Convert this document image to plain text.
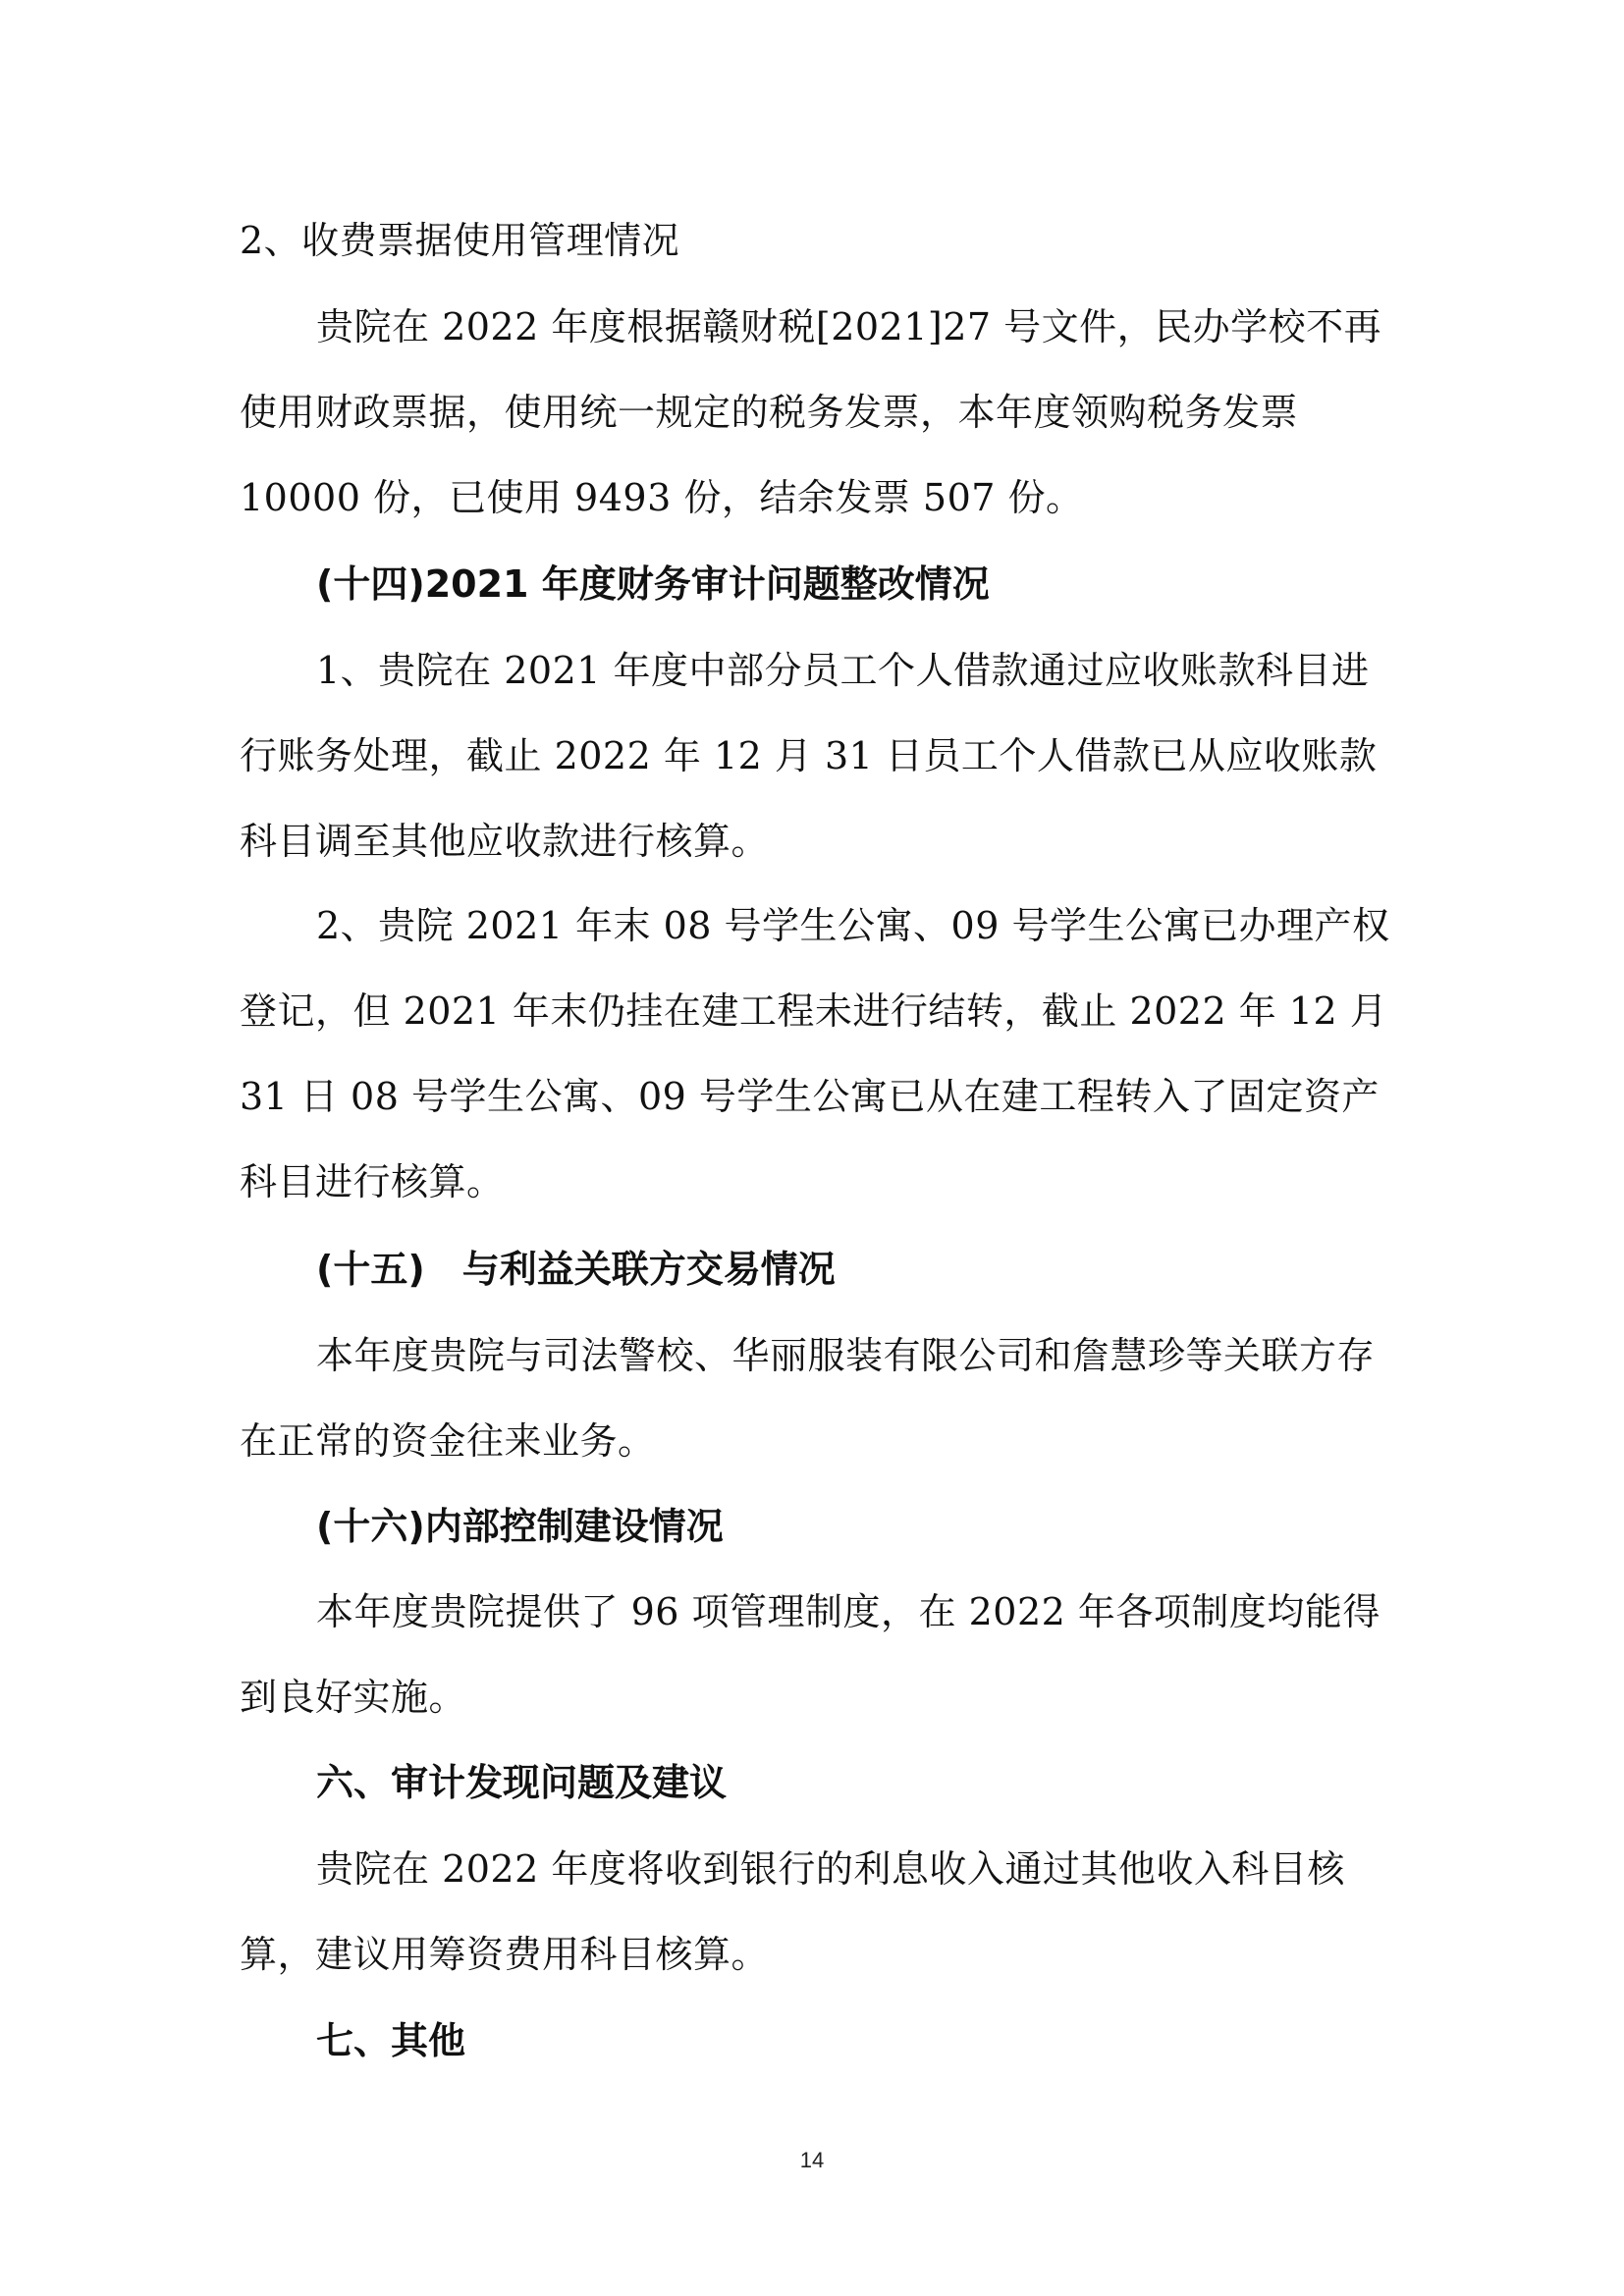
2、收费票据使用管理情况

贵院在 2022 年度根据赣财税[2021]27 号文件，民办学校不再使用财政票据，使用统一规定的税务发票，本年度领购税务发票 10000 份，已使用 9493 份，结余发票 507 份。

(十四)2021 年度财务审计问题整改情况

1、贵院在 2021 年度中部分员工个人借款通过应收账款科目进行账务处理，截止 2022 年 12 月 31 日员工个人借款已从应收账款科目调至其他应收款进行核算。

2、贵院 2021 年末 08 号学生公寓、09 号学生公寓已办理产权登记，但 2021 年末仍挂在建工程未进行结转，截止 2022 年 12 月 31 日 08 号学生公寓、09 号学生公寓已从在建工程转入了固定资产科目进行核算。

(十五)　与利益关联方交易情况

本年度贵院与司法警校、华丽服装有限公司和詹慧珍等关联方存在正常的资金往来业务。

(十六)内部控制建设情况

本年度贵院提供了 96 项管理制度，在 2022 年各项制度均能得到良好实施。

六、审计发现问题及建议

贵院在 2022 年度将收到银行的利息收入通过其他收入科目核算，建议用筹资费用科目核算。

七、其他

14
